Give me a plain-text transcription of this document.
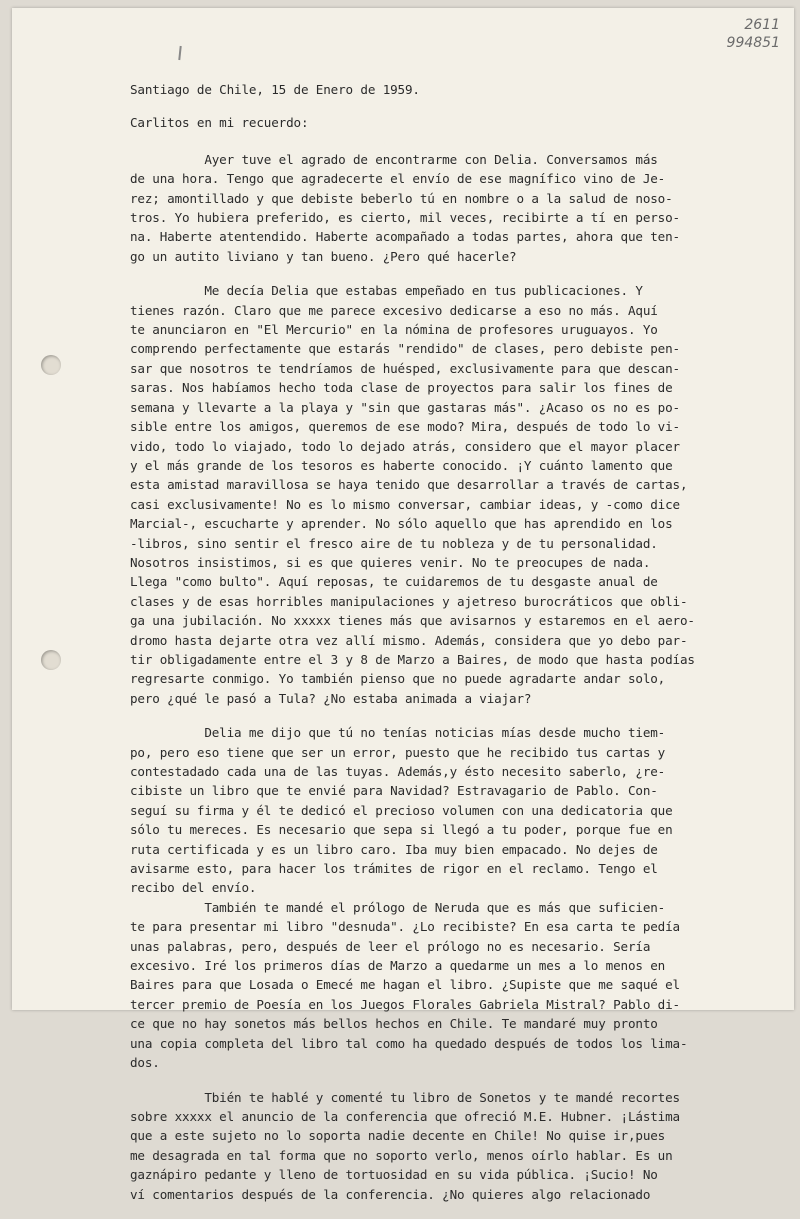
2611
994851
Santiago de Chile, 15 de Enero de 1959.
Carlitos en mi recuerdo:
Ayer tuve el agrado de encontrarme con Delia. Conversamos más
de una hora. Tengo que agradecerte el envío de ese magnífico vino de Je-
rez; amontillado y que debiste beberlo tú en nombre o a la salud de noso-
tros. Yo hubiera preferido, es cierto, mil veces, recibirte a tí en perso-
na. Haberte atentendido. Haberte acompañado a todas partes, ahora que ten-
go un autito liviano y tan bueno. ¿Pero qué hacerle?
Me decía Delia que estabas empeñado en tus publicaciones. Y
tienes razón. Claro que me parece excesivo dedicarse a eso no más. Aquí
te anunciaron en "El Mercurio" en la nómina de profesores uruguayos. Yo
comprendo perfectamente que estarás "rendido" de clases, pero debiste pen-
sar que nosotros te tendríamos de huésped, exclusivamente para que descan-
saras. Nos habíamos hecho toda clase de proyectos para salir los fines de
semana y llevarte a la playa y "sin que gastaras más". ¿Acaso os no es po-
sible entre los amigos, queremos de ese modo? Mira, después de todo lo vi-
vido, todo lo viajado, todo lo dejado atrás, considero que el mayor placer
y el más grande de los tesoros es haberte conocido. ¡Y cuánto lamento que
esta amistad maravillosa se haya tenido que desarrollar a través de cartas,
casi exclusivamente! No es lo mismo conversar, cambiar ideas, y -como dice
Marcial-, escucharte y aprender. No sólo aquello que has aprendido en los
-libros, sino sentir el fresco aire de tu nobleza y de tu personalidad.
Nosotros insistimos, si es que quieres venir. No te preocupes de nada.
Llega "como bulto". Aquí reposas, te cuidaremos de tu desgaste anual de
clases y de esas horribles manipulaciones y ajetreso burocráticos que obli-
ga una jubilación. No xxxxx tienes más que avisarnos y estaremos en el aero-
dromo hasta dejarte otra vez allí mismo. Además, considera que yo debo par-
tir obligadamente entre el 3 y 8 de Marzo a Baires, de modo que hasta podías
regresarte conmigo. Yo también pienso que no puede agradarte andar solo,
pero ¿qué le pasó a Tula? ¿No estaba animada a viajar?
Delia me dijo que tú no tenías noticias mías desde mucho tiem-
po, pero eso tiene que ser un error, puesto que he recibido tus cartas y
contestadado cada una de las tuyas. Además,y ésto necesito saberlo, ¿re-
cibiste un libro que te envié para Navidad? Estravagario de Pablo. Con-
seguí su firma y él te dedicó el precioso volumen con una dedicatoria que
sólo tu mereces. Es necesario que sepa si llegó a tu poder, porque fue en
ruta certificada y es un libro caro. Iba muy bien empacado. No dejes de
avisarme esto, para hacer los trámites de rigor en el reclamo. Tengo el
recibo del envío.
También te mandé el prólogo de Neruda que es más que suficien-
te para presentar mi libro "desnuda". ¿Lo recibiste? En esa carta te pedía
unas palabras, pero, después de leer el prólogo no es necesario. Sería
excesivo. Iré los primeros días de Marzo a quedarme un mes a lo menos en
Baires para que Losada o Emecé me hagan el libro. ¿Supiste que me saqué el
tercer premio de Poesía en los Juegos Florales Gabriela Mistral? Pablo di-
ce que no hay sonetos más bellos hechos en Chile. Te mandaré muy pronto
una copia completa del libro tal como ha quedado después de todos los lima-
dos.
Tbién te hablé y comenté tu libro de Sonetos y te mandé recortes
sobre xxxxx el anuncio de la conferencia que ofreció M.E. Hubner. ¡Lástima
que a este sujeto no lo soporta nadie decente en Chile! No quise ir,pues
me desagrada en tal forma que no soporto verlo, menos oírlo hablar. Es un
gaznápiro pedante y lleno de tortuosidad en su vida pública. ¡Sucio! No
ví comentarios después de la conferencia. ¿No quieres algo relacionado
